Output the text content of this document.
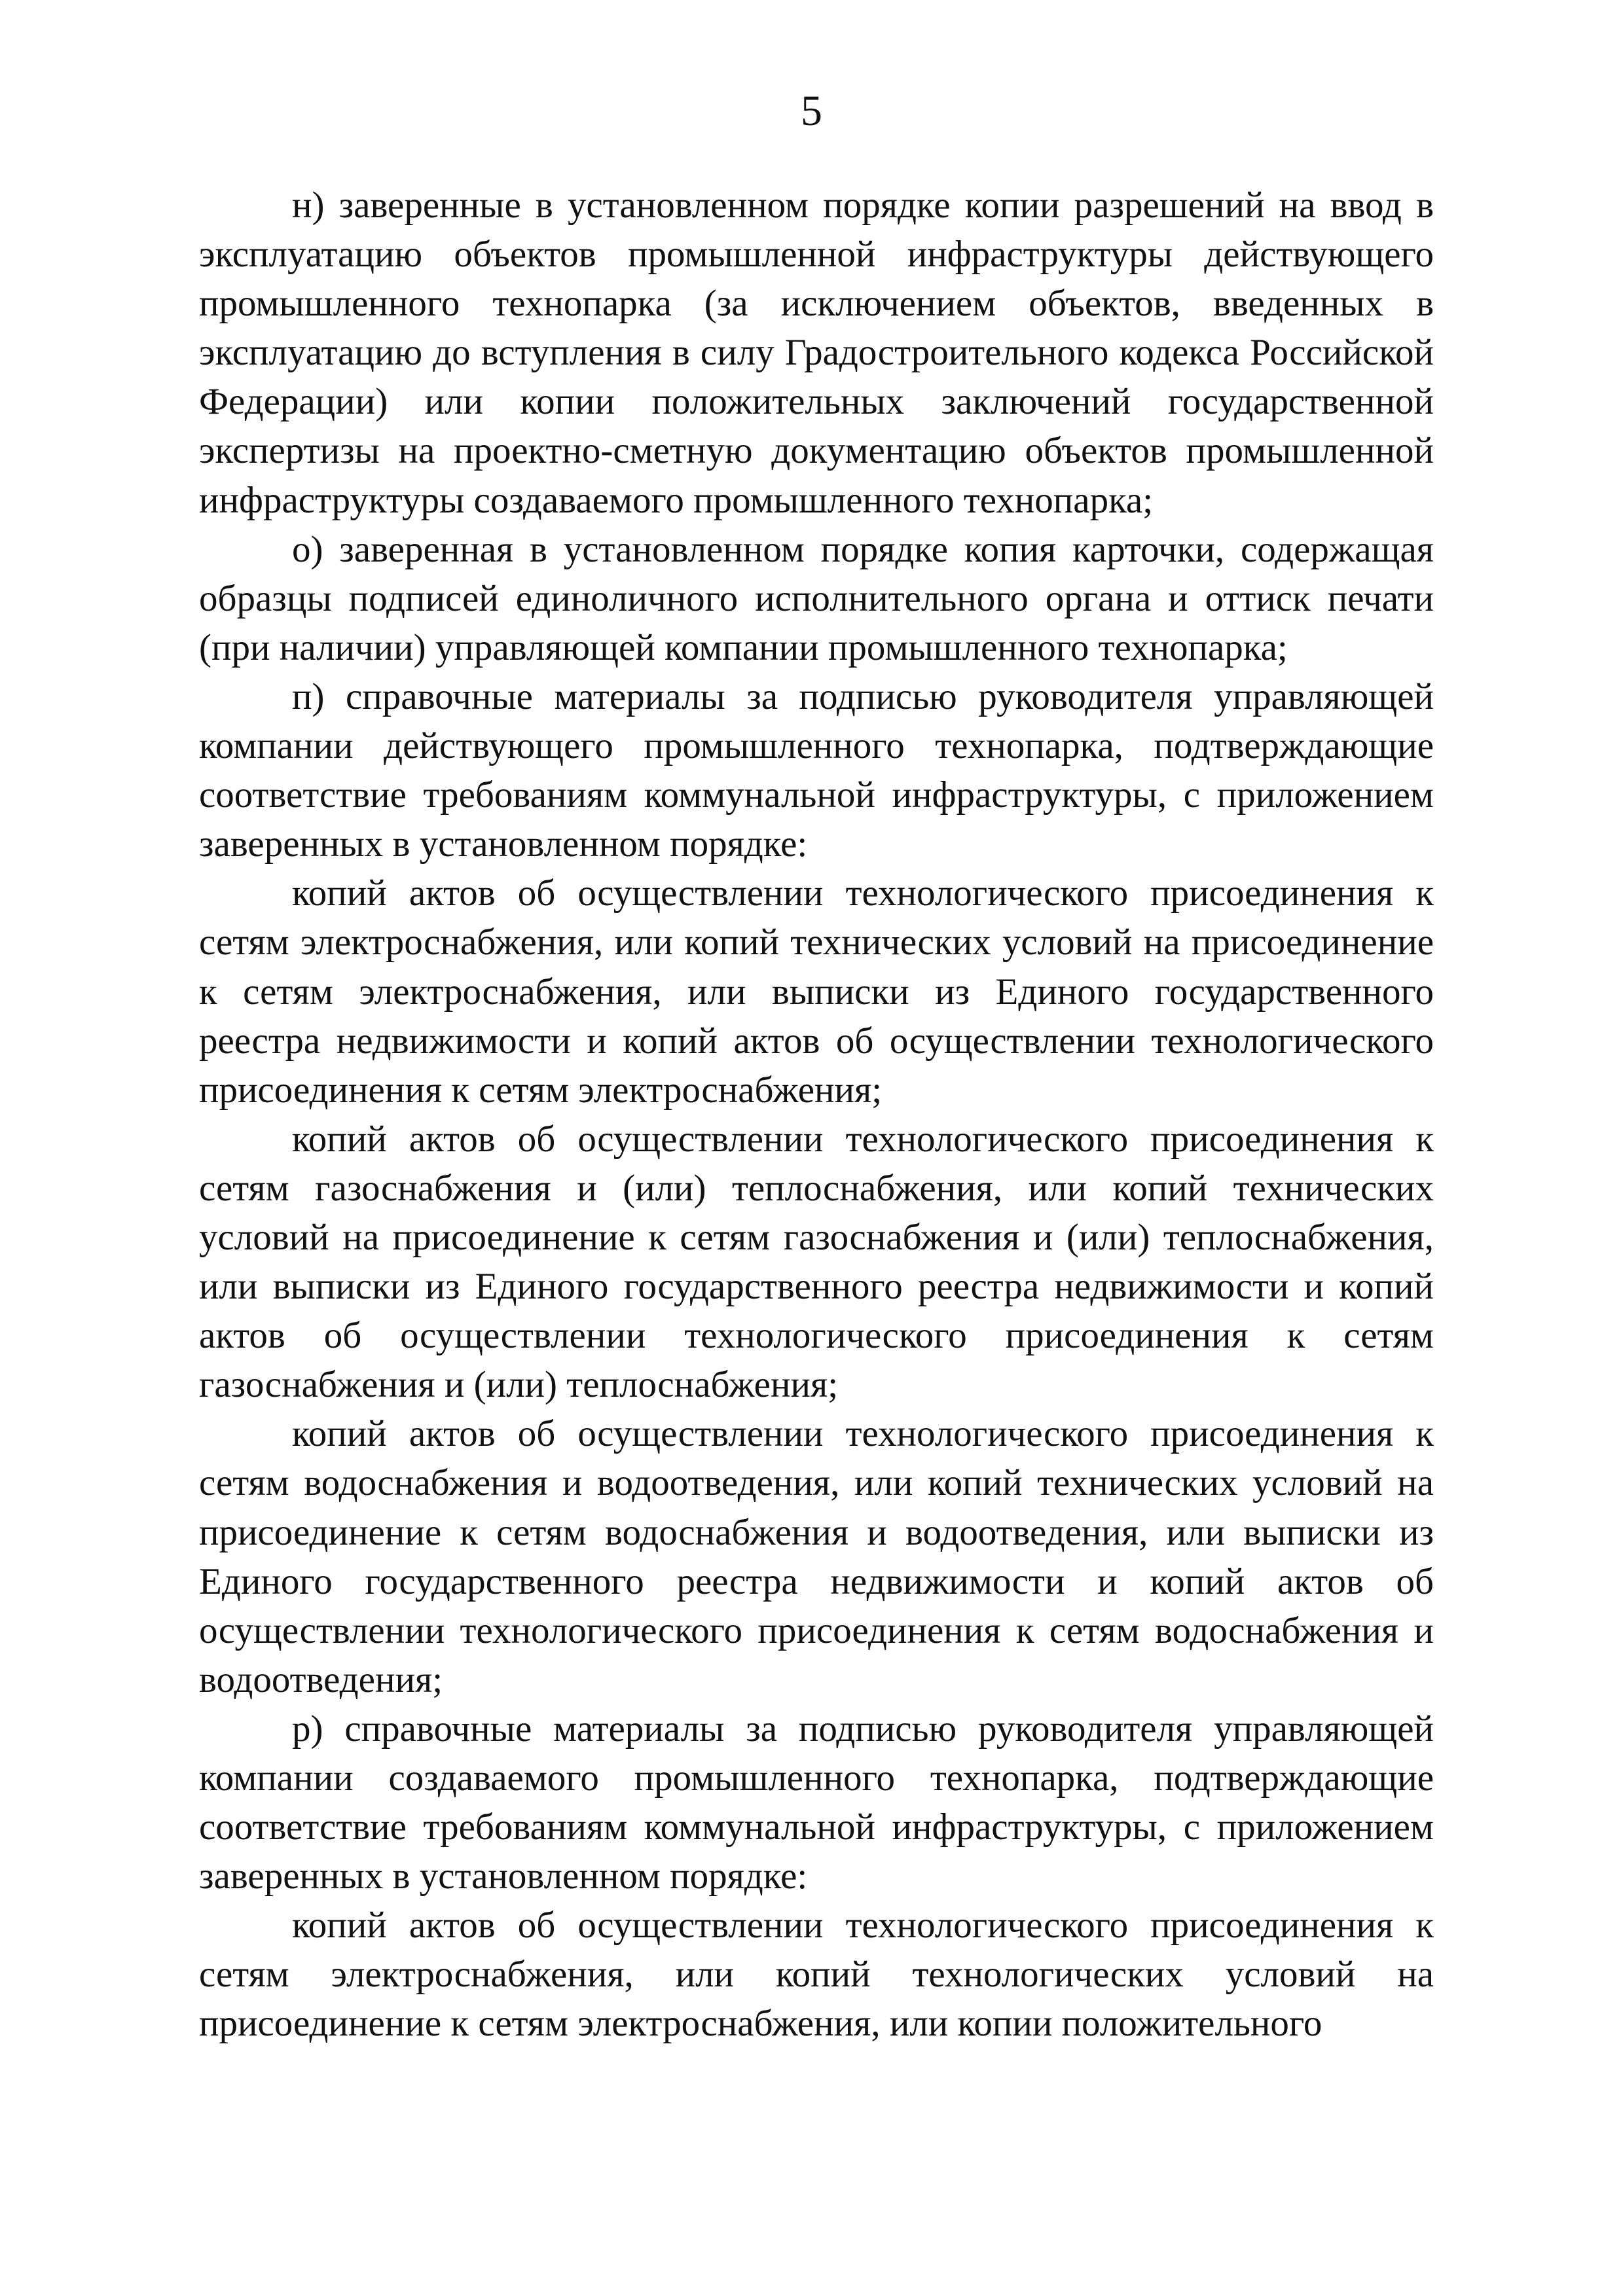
5

н) заверенные в установленном порядке копии разрешений на ввод в эксплуатацию объектов промышленной инфраструктуры действующего промышленного технопарка (за исключением объектов, введенных в эксплуатацию до вступления в силу Градостроительного кодекса Российской Федерации) или копии положительных заключений государственной экспертизы на проектно-сметную документацию объектов промышленной инфраструктуры создаваемого промышленного технопарка;

о) заверенная в установленном порядке копия карточки, содержащая образцы подписей единоличного исполнительного органа и оттиск печати (при наличии) управляющей компании промышленного технопарка;

п) справочные материалы за подписью руководителя управляющей компании действующего промышленного технопарка, подтверждающие соответствие требованиям коммунальной инфраструктуры, с приложением заверенных в установленном порядке:

копий актов об осуществлении технологического присоединения к сетям электроснабжения, или копий технических условий на присоединение к сетям электроснабжения, или выписки из Единого государственного реестра недвижимости и копий актов об осуществлении технологического присоединения к сетям электроснабжения;

копий актов об осуществлении технологического присоединения к сетям газоснабжения и (или) теплоснабжения, или копий технических условий на присоединение к сетям газоснабжения и (или) теплоснабжения, или выписки из Единого государственного реестра недвижимости и копий актов об осуществлении технологического присоединения к сетям газоснабжения и (или) теплоснабжения;

копий актов об осуществлении технологического присоединения к сетям водоснабжения и водоотведения, или копий технических условий на присоединение к сетям водоснабжения и водоотведения, или выписки из Единого государственного реестра недвижимости и копий актов об осуществлении технологического присоединения к сетям водоснабжения и водоотведения;

р) справочные материалы за подписью руководителя управляющей компании создаваемого промышленного технопарка, подтверждающие соответствие требованиям коммунальной инфраструктуры, с приложением заверенных в установленном порядке:

копий актов об осуществлении технологического присоединения к сетям электроснабжения, или копий технологических условий на присоединение к сетям электроснабжения, или копии положительного
